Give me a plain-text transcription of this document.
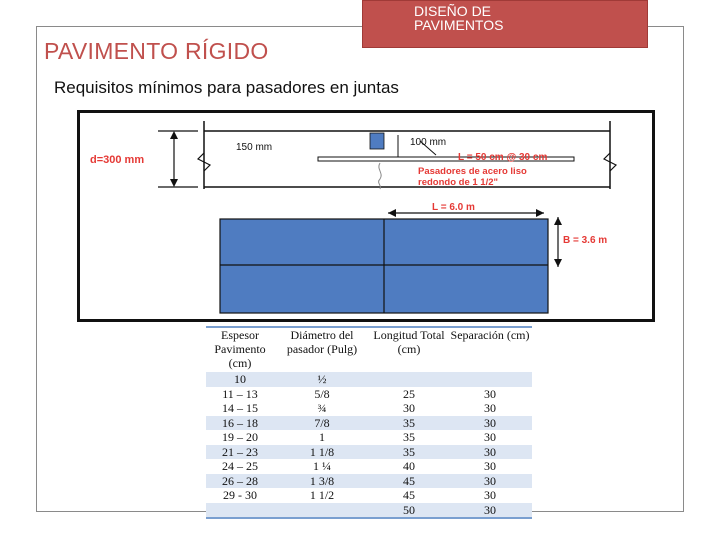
DISEÑO DE PAVIMENTOS
PAVIMENTO RÍGIDO
Requisitos mínimos para pasadores en juntas
d=300 mm
150 mm	100 mm
L = 50 cm @ 30 cm
Pasadores de acero liso
redondo de 1 1/2"
L = 6.0 m
B = 3.6 m
Espesor Pavimento (cm)	Diámetro del pasador (Pulg)	Longitud Total (cm)	Separación (cm)
10	½		
11 – 13	5/8	25	30
14 – 15	¾	30	30
16 – 18	7/8	35	30
19 – 20	1	35	30
21 – 23	1 1/8	35	30
24 – 25	1 ¼	40	30
26 – 28	1 3/8	45	30
29 - 30	1 1/2	45	30
		50	30
